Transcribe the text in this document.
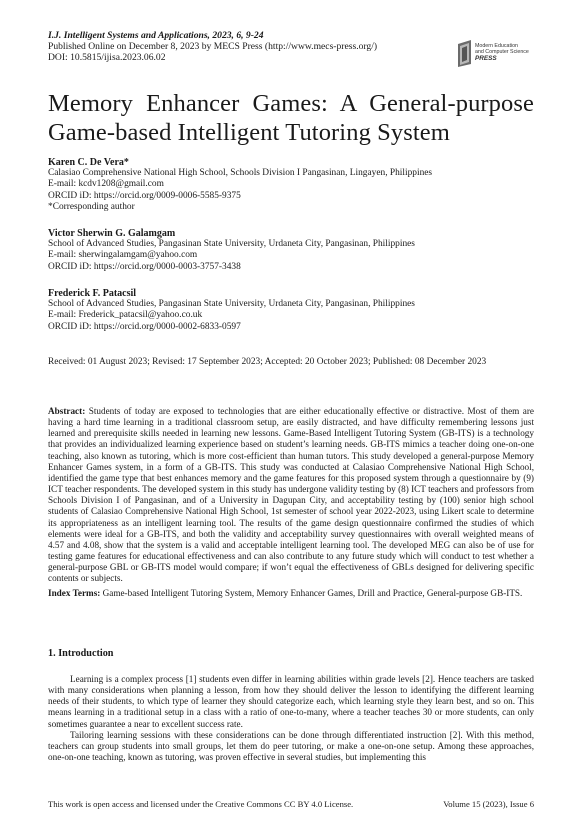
I.J. Intelligent Systems and Applications, 2023, 6, 9-24
Published Online on December 8, 2023 by MECS Press (http://www.mecs-press.org/)
DOI: 10.5815/ijisa.2023.06.02
Modern Education
and Computer Science
PRESS
Memory Enhancer Games: A General-purpose Game-based Intelligent Tutoring System
Karen C. De Vera*
Calasiao Comprehensive National High School, Schools Division I Pangasinan, Lingayen, Philippines
E-mail: kcdv1208@gmail.com
ORCID iD: https://orcid.org/0009-0006-5585-9375
*Corresponding author
Victor Sherwin G. Galamgam
School of Advanced Studies, Pangasinan State University, Urdaneta City, Pangasinan, Philippines
E-mail: sherwingalamgam@yahoo.com
ORCID iD: https://orcid.org/0000-0003-3757-3438
Frederick F. Patacsil
School of Advanced Studies, Pangasinan State University, Urdaneta City, Pangasinan, Philippines
E-mail: Frederick_patacsil@yahoo.co.uk
ORCID iD: https://orcid.org/0000-0002-6833-0597
Received: 01 August 2023; Revised: 17 September 2023; Accepted: 20 October 2023; Published: 08 December 2023
Abstract: Students of today are exposed to technologies that are either educationally effective or distractive. Most of them are having a hard time learning in a traditional classroom setup, are easily distracted, and have difficulty remembering lessons just learned and prerequisite skills needed in learning new lessons. Game-Based Intelligent Tutoring System (GB-ITS) is a technology that provides an individualized learning experience based on student’s learning needs. GB-ITS mimics a teacher doing one-on-one teaching, also known as tutoring, which is more cost-efficient than human tutors. This study developed a general-purpose Memory Enhancer Games system, in a form of a GB-ITS. This study was conducted at Calasiao Comprehensive National High School, identified the game type that best enhances memory and the game features for this proposed system through a questionnaire by (9) ICT teacher respondents. The developed system in this study has undergone validity testing by (8) ICT teachers and professors from Schools Division I of Pangasinan, and of a University in Dagupan City, and acceptability testing by (100) senior high school students of Calasiao Comprehensive National High School, 1st semester of school year 2022-2023, using Likert scale to determine its appropriateness as an intelligent learning tool. The results of the game design questionnaire confirmed the studies of which elements were ideal for a GB-ITS, and both the validity and acceptability survey questionnaires with overall weighted means of 4.57 and 4.08, show that the system is a valid and acceptable intelligent learning tool. The developed MEG can also be of use for testing game features for educational effectiveness and can also contribute to any future study which will conduct to test whether a general-purpose GBL or GB-ITS model would compare; if won’t equal the effectiveness of GBLs designed for delivering specific contents or subjects.
Index Terms: Game-based Intelligent Tutoring System, Memory Enhancer Games, Drill and Practice, General-purpose GB-ITS.
1. Introduction
Learning is a complex process [1] students even differ in learning abilities within grade levels [2]. Hence teachers are tasked with many considerations when planning a lesson, from how they should deliver the lesson to identifying the different learning needs of their students, to which type of learner they should categorize each, which learning style they learn best, and so on. This means learning in a traditional setup in a class with a ratio of one-to-many, where a teacher teaches 30 or more students, can only sometimes guarantee a near to excellent success rate.
Tailoring learning sessions with these considerations can be done through differentiated instruction [2]. With this method, teachers can group students into small groups, let them do peer tutoring, or make a one-on-one setup. Among these approaches, one-on-one teaching, known as tutoring, was proven effective in several studies, but implementing this
This work is open access and licensed under the Creative Commons CC BY 4.0 License.	Volume 15 (2023), Issue 6
